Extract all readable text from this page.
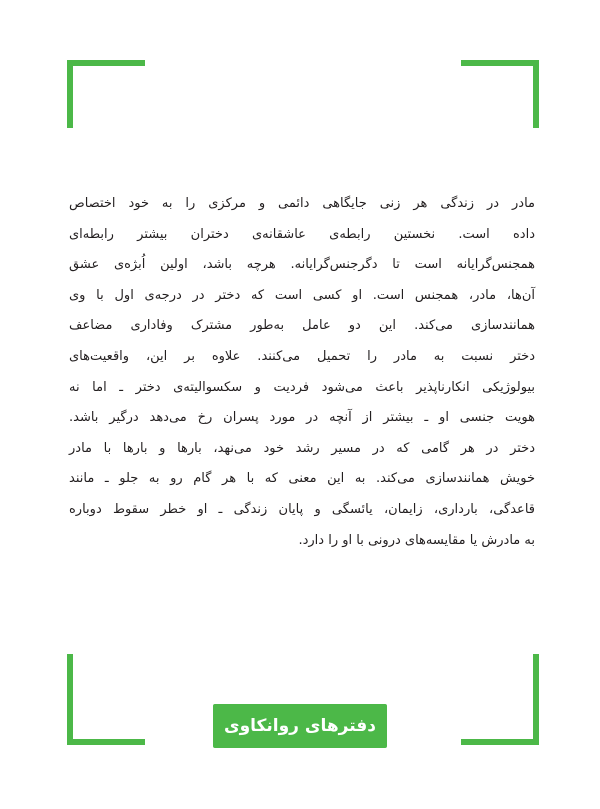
مادر در زندگی هر زنی جایگاهی دائمی و مرکزی را به خود اختصاص
داده است. نخستین رابطه‌ی عاشقانه‌ی دختران بیشتر رابطه‌ای
همجنس‌گرایانه است تا دگرجنس‌گرایانه. هرچه باشد، اولین اُبژه‌ی عشق
آن‌ها، مادر، همجنس است. او کسی است که دختر در درجه‌ی اول با وی
همانندسازی می‌کند. این دو عامل به‌طور مشترک وفاداری مضاعف
دختر نسبت به مادر را تحمیل می‌کنند. علاوه بر این، واقعیت‌های
بیولوژیکی انکارناپذیر باعث می‌شود فردیت و سکسوالیته‌ی دختر ـ اما نه
هویت جنسی او ـ بیشتر از آنچه در مورد پسران رخ می‌دهد درگیر باشد.
دختر در هر گامی که در مسیر رشد خود می‌نهد، بارها و بارها با مادر
خویش همانندسازی می‌کند. به این معنی که با هر گام رو به جلو ـ مانند
قاعدگی، بارداری، زایمان، یائسگی و پایان زندگی ـ او خطر سقوط دوباره
به مادرش یا مقایسه‌های درونی با او را دارد.

دفترهای روانکاوی
